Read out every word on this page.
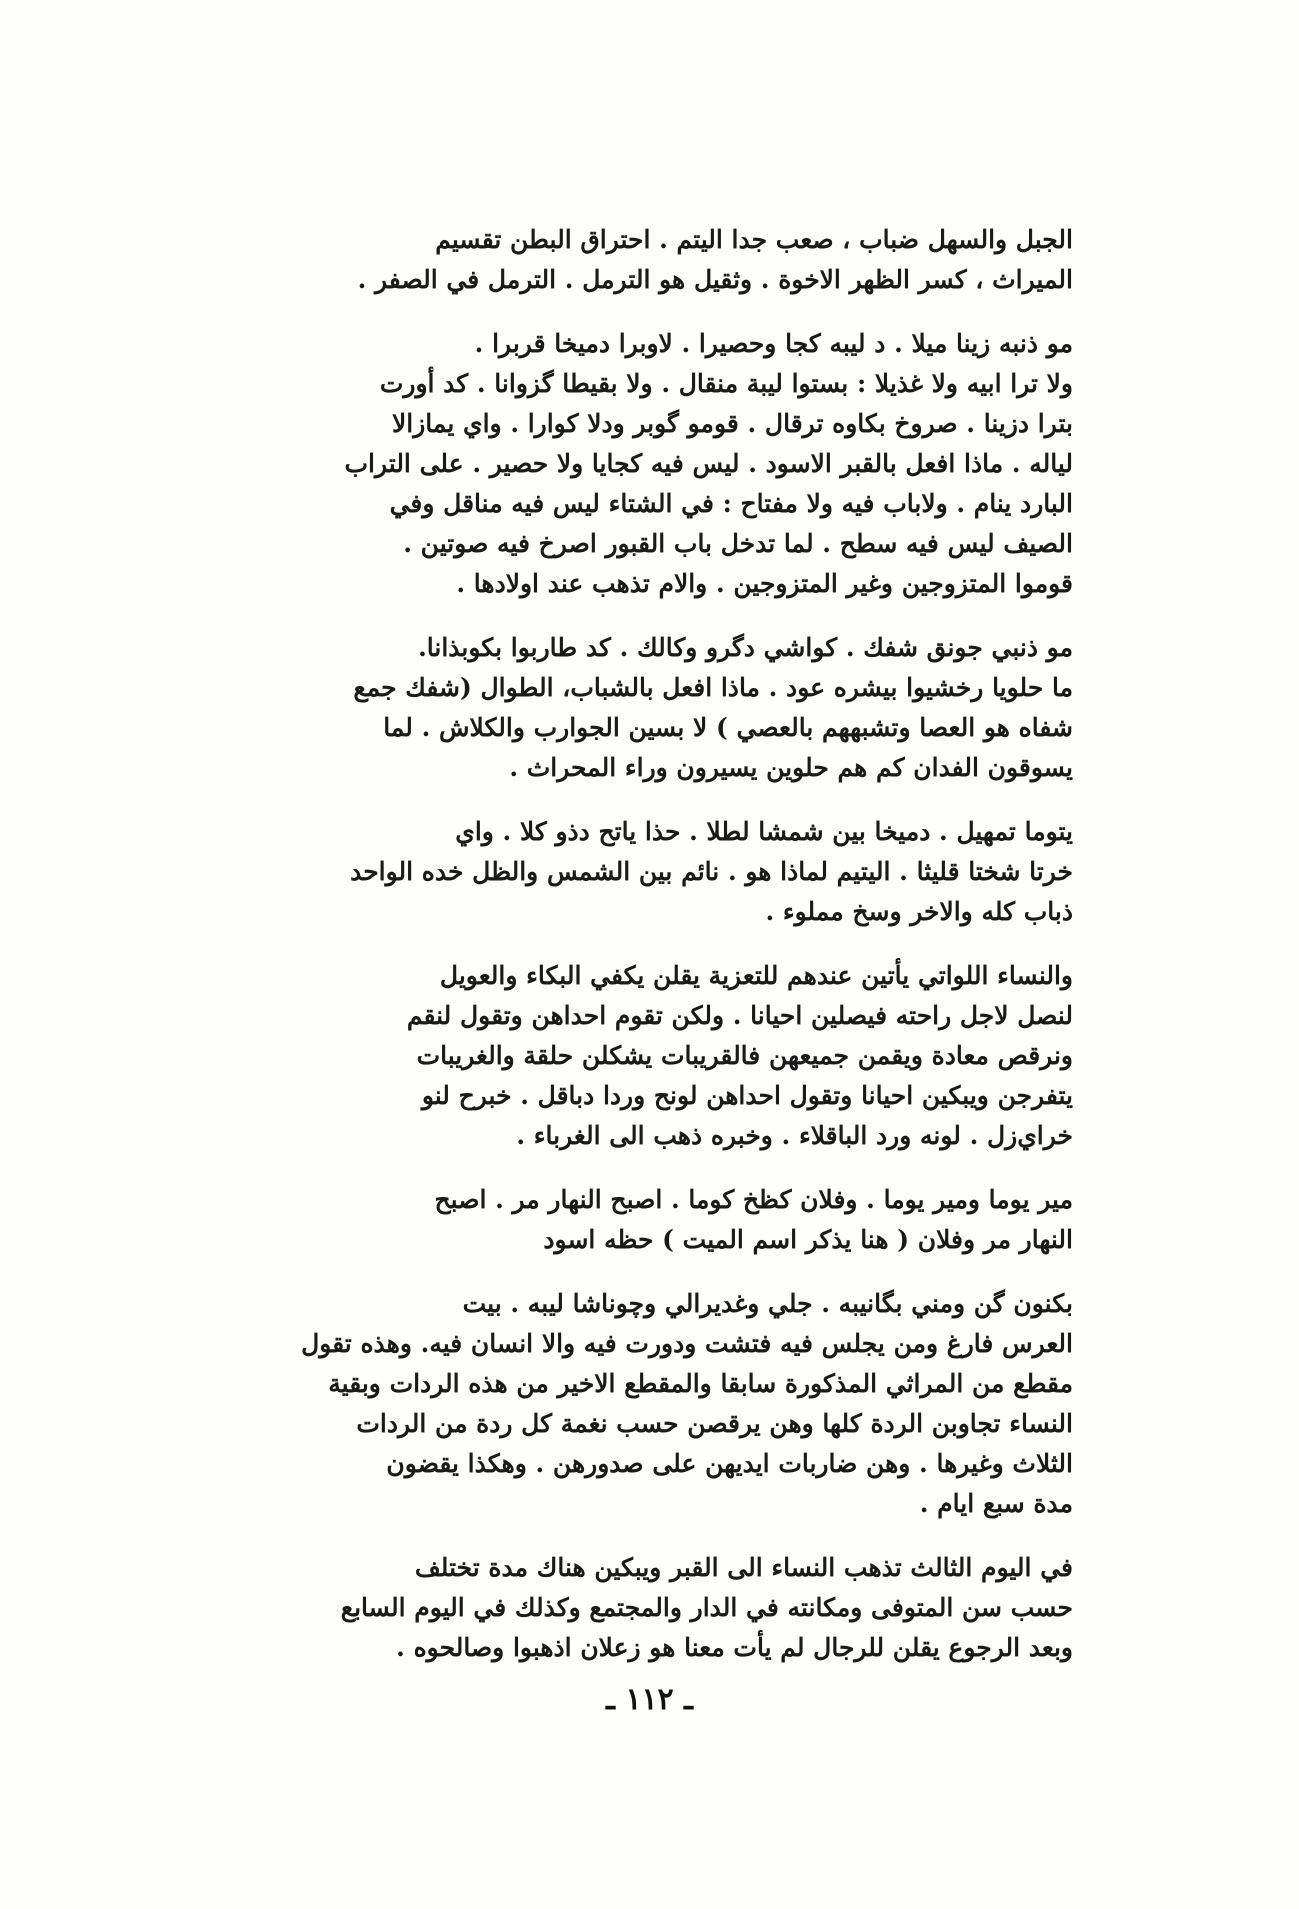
الجبل والسهل ضباب ، صعب جدا اليتم . احتراق البطن تقسيم
الميراث ، كسر الظهر الاخوة . وثقيل هو الترمل . الترمل في الصفر .

مو ذنبه زينا ميلا . د ليبه كجا وحصيرا . لاوبرا دميخا قربرا .
ولا ترا ابيه ولا غذيلا : بستوا ليبة منقال . ولا بقيطا گزوانا . كد أورت
بترا دزينا . صروخ بكاوه ترقال . قومو گوبر ودلا كوارا . واي يمازالا
لياله . ماذا افعل بالقبر الاسود . ليس فيه كجايا ولا حصير . على التراب
البارد ينام . ولاباب فيه ولا مفتاح : في الشتاء ليس فيه مناقل وفي
الصيف ليس فيه سطح . لما تدخل باب القبور اصرخ فيه صوتين .
قوموا المتزوجين وغير المتزوجين . والام تذهب عند اولادها .

مو ذنبي جونق شفك . كواشي دگرو وكالك . كد طاربوا بكوبذانا.
ما حلويا رخشيوا بيشره عود . ماذا افعل بالشباب، الطوال (شفك جمع
شفاه هو العصا وتشبههم بالعصي ) لا بسين الجوارب والكلاش . لما
يسوقون الفدان كم هم حلوين يسيرون وراء المحراث .

يتوما تمهيل . دميخا بين شمشا لطلا . حذا ياتح دذو كلا . واي
خرتا شختا قليثا . اليتيم لماذا هو . نائم بين الشمس والظل خده الواحد
ذباب كله والاخر وسخ مملوء .

والنساء اللواتي يأتين عندهم للتعزية يقلن يكفي البكاء والعويل
لنصل لاجل راحته فيصلين احيانا . ولكن تقوم احداهن وتقول لنقم
ونرقص معادة ويقمن جميعهن فالقريبات يشكلن حلقة والغريبات
يتفرجن ويبكين احيانا وتقول احداهن لونح وردا دباقل . خبرح لنو
خراي‌زل . لونه ورد الباقلاء . وخبره ذهب الى الغرباء .

مير يوما ومير يوما . وفلان كظخ كوما . اصبح النهار مر . اصبح
النهار مر وفلان ( هنا يذكر اسم الميت ) حظه اسود

بكنون گن ومني بگانيبه . جلي وغديرالي وچوناشا ليبه . بيت
العرس فارغ ومن يجلس فيه فتشت ودورت فيه والا انسان فيه. وهذه تقول
مقطع من المراثي المذكورة سابقا والمقطع الاخير من هذه الردات وبقية
النساء تجاوبن الردة كلها وهن يرقصن حسب نغمة كل ردة من الردات
الثلاث وغيرها . وهن ضاربات ايديهن على صدورهن . وهكذا يقضون
مدة سبع ايام .

في اليوم الثالث تذهب النساء الى القبر ويبكين هناك مدة تختلف
حسب سن المتوفى ومكانته في الدار والمجتمع وكذلك في اليوم السابع
وبعد الرجوع يقلن للرجال لم يأت معنا هو زعلان اذهبوا وصالحوه .

ـ ١١٢ ـ
